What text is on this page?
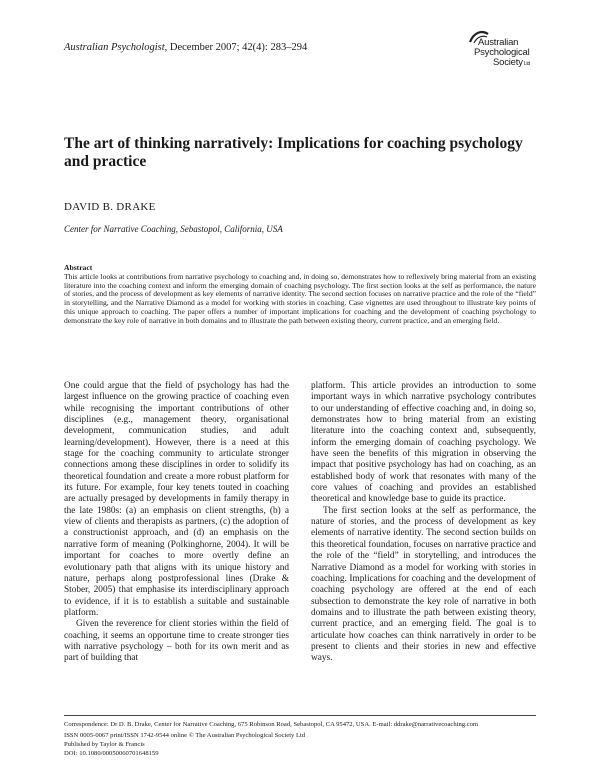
Australian Psychologist, December 2007; 42(4): 283–294	Australian
Psychological
SocietyLtd
The art of thinking narratively: Implications for coaching psychology and practice
DAVID B. DRAKE
Center for Narrative Coaching, Sebastopol, California, USA
Abstract
This article looks at contributions from narrative psychology to coaching and, in doing so, demonstrates how to reflexively bring material from an existing literature into the coaching context and inform the emerging domain of coaching psychology. The first section looks at the self as performance, the nature of stories, and the process of development as key elements of narrative identity. The second section focuses on narrative practice and the role of the “field” in storytelling, and the Narrative Diamond as a model for working with stories in coaching. Case vignettes are used throughout to illustrate key points of this unique approach to coaching. The paper offers a number of important implications for coaching and the development of coaching psychology to demonstrate the key role of narrative in both domains and to illustrate the path between existing theory, current practice, and an emerging field.

One could argue that the field of psychology has had the largest influence on the growing practice of coaching even while recognising the important contributions of other disciplines (e.g., management theory, organisational development, communication studies, and adult learning/development). However, there is a need at this stage for the coaching community to articulate stronger connections among these disciplines in order to solidify its theoretical foundation and create a more robust platform for its future. For example, four key tenets touted in coaching are actually presaged by developments in family therapy in the late 1980s: (a) an emphasis on client strengths, (b) a view of clients and therapists as partners, (c) the adoption of a constructionist approach, and (d) an emphasis on the narrative form of meaning (Polkinghorne, 2004). It will be important for coaches to more overtly define an evolutionary path that aligns with its unique history and nature, perhaps along postprofessional lines (Drake & Stober, 2005) that emphasise its interdisciplinary approach to evidence, if it is to establish a suitable and sustainable platform.

Given the reverence for client stories within the field of coaching, it seems an opportune time to create stronger ties with narrative psychology – both for its own merit and as part of building that

platform. This article provides an introduction to some important ways in which narrative psychology contributes to our understanding of effective coaching and, in doing so, demonstrates how to bring material from an existing literature into the coaching context and, subsequently, inform the emerging domain of coaching psychology. We have seen the benefits of this migration in observing the impact that positive psychology has had on coaching, as an established body of work that resonates with many of the core values of coaching and provides an established theoretical and knowledge base to guide its practice.

The first section looks at the self as performance, the nature of stories, and the process of development as key elements of narrative identity. The second section builds on this theoretical foundation, focuses on narrative practice and the role of the “field” in storytelling, and introduces the Narrative Diamond as a model for working with stories in coaching. Implications for coaching and the development of coaching psychology are offered at the end of each subsection to demonstrate the key role of narrative in both domains and to illustrate the path between existing theory, current practice, and an emerging field. The goal is to articulate how coaches can think narratively in order to be present to clients and their stories in new and effective ways.

Correspondence: Dr D. B. Drake, Center for Narrative Coaching, 675 Robinson Road, Sebastopol, CA 95472, USA. E-mail: ddrake@narrativecoaching.com
ISSN 0005-0067 print/ISSN 1742-9544 online © The Australian Psychological Society Ltd
Published by Taylor & Francis
DOI: 10.1080/00050060701648159
